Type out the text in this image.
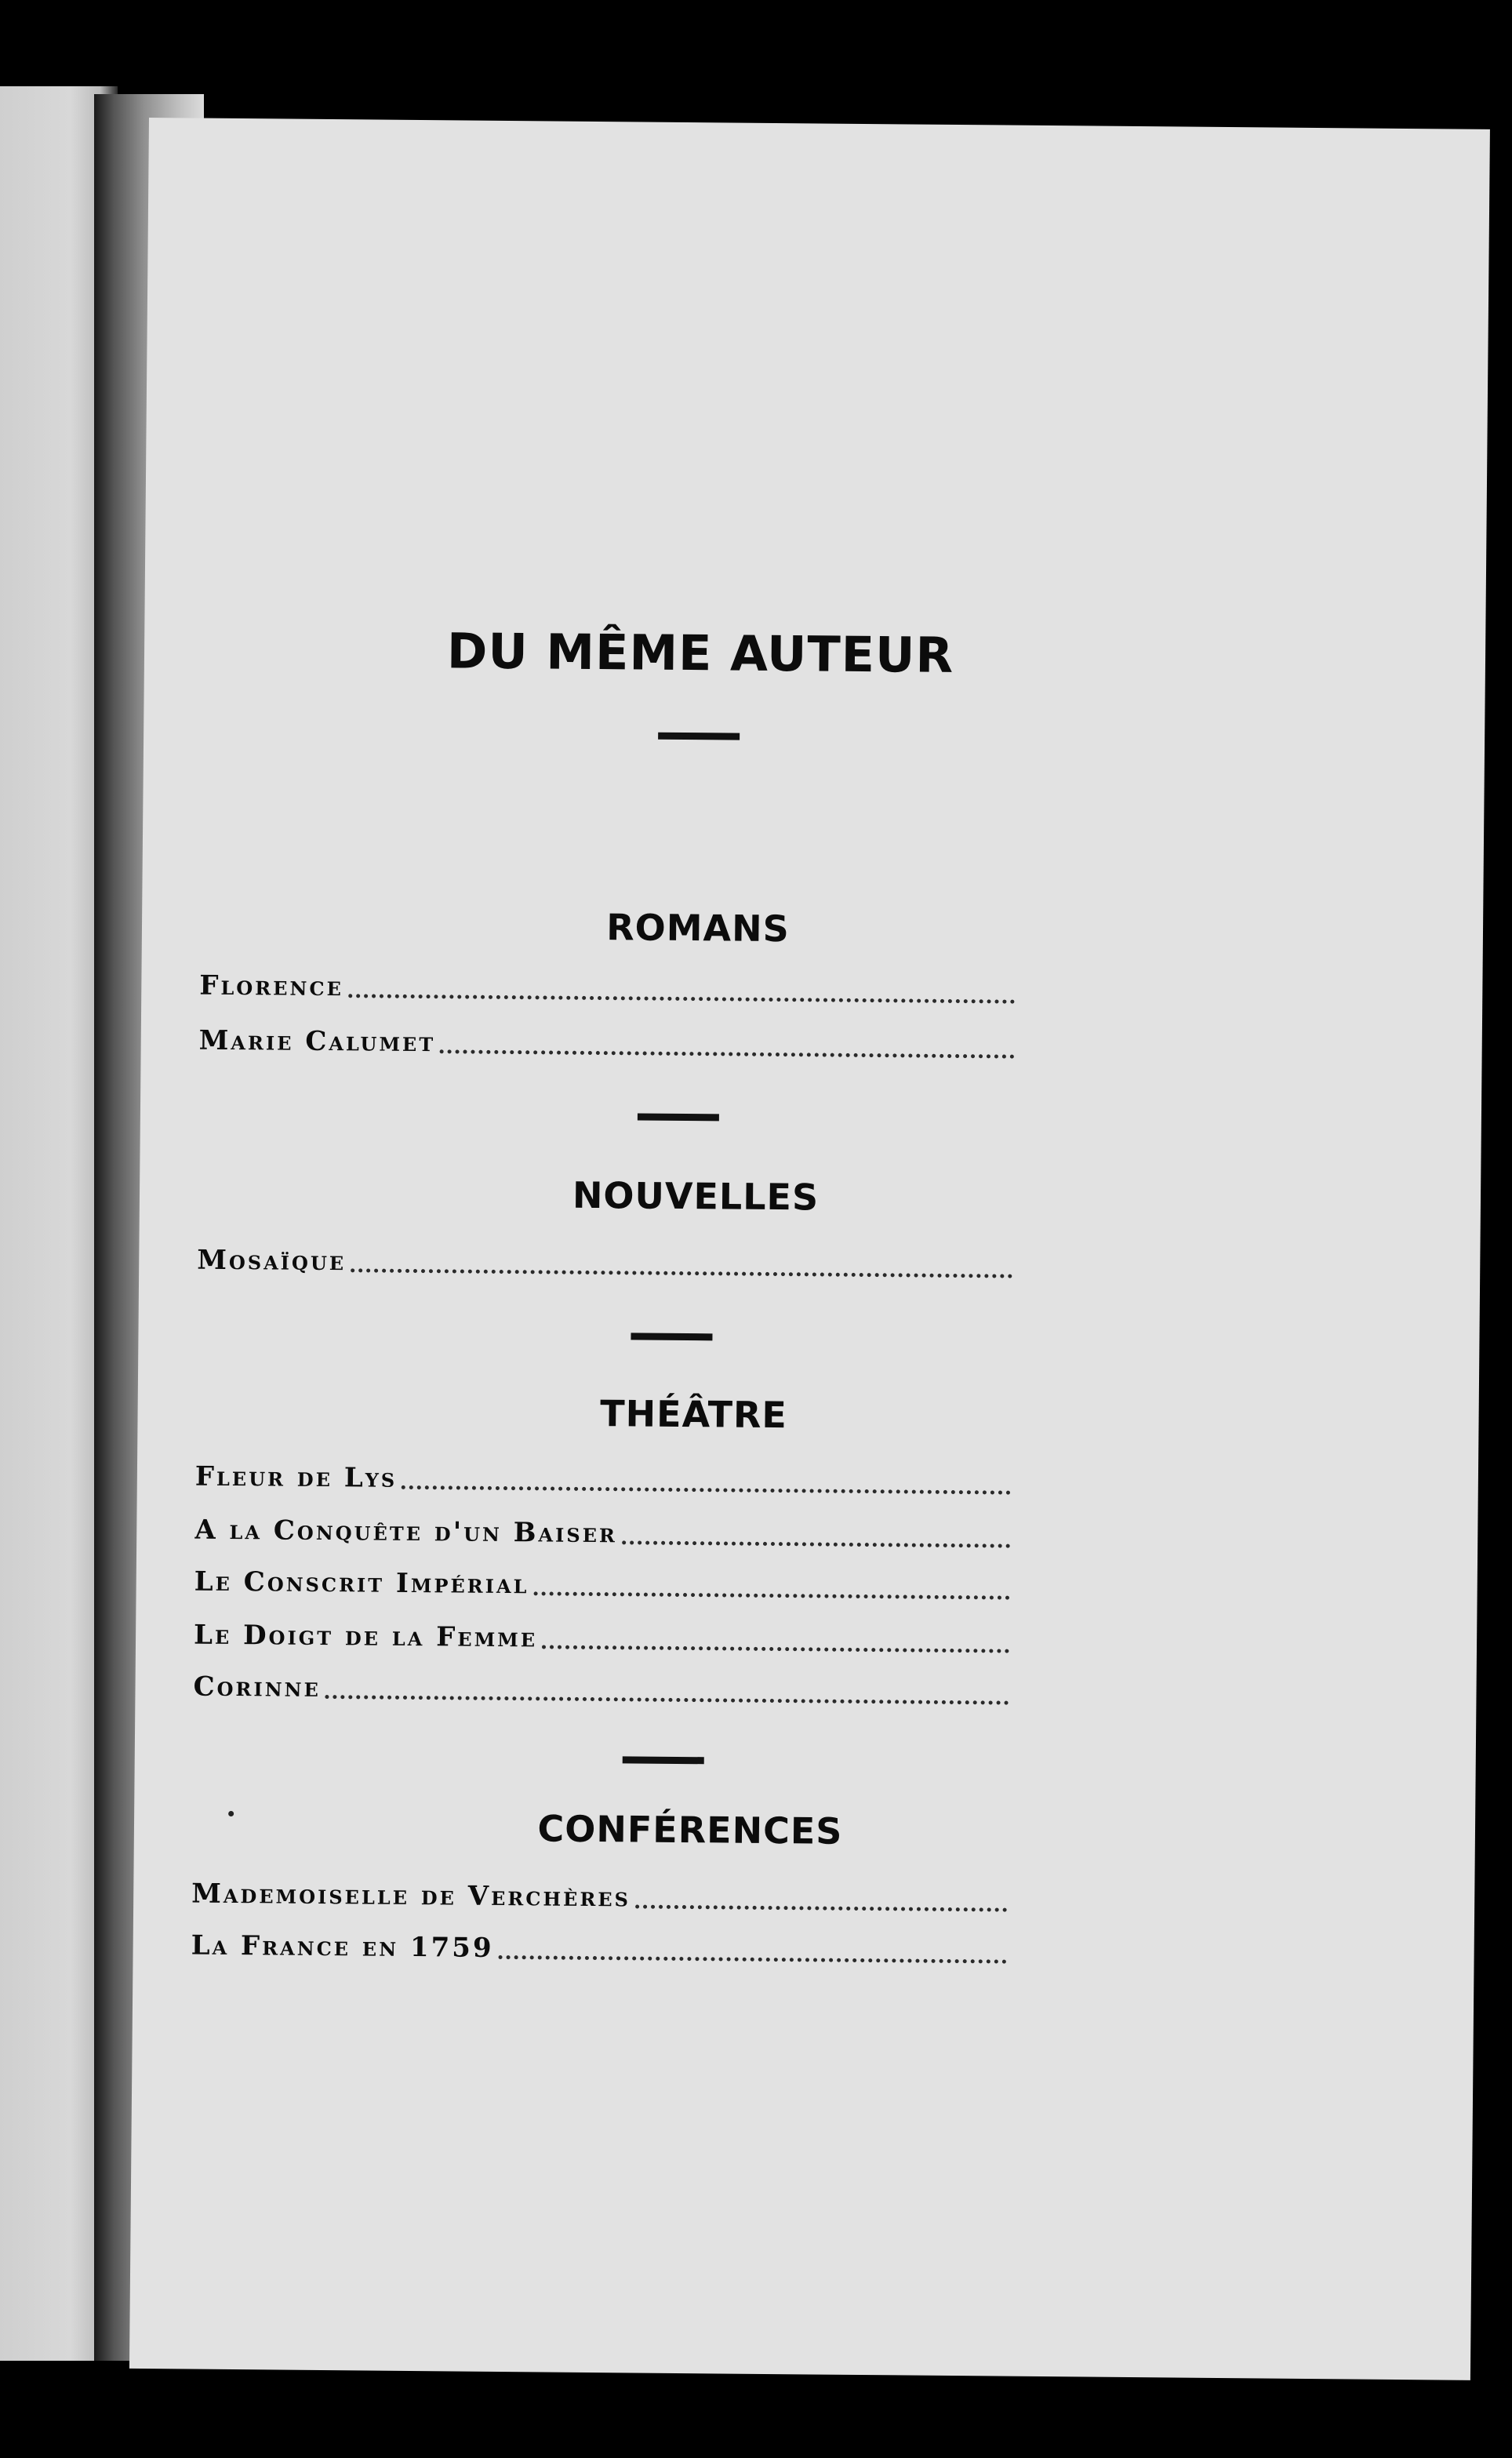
DU MÊME AUTEUR
ROMANS
Florence
Marie Calumet
NOUVELLES
Mosaïque
THÉÂTRE
Fleur de Lys
A la Conquête d'un Baiser
Le Conscrit Impérial
Le Doigt de la Femme
Corinne
CONFÉRENCES
Mademoiselle de Verchères
La France en 1759
